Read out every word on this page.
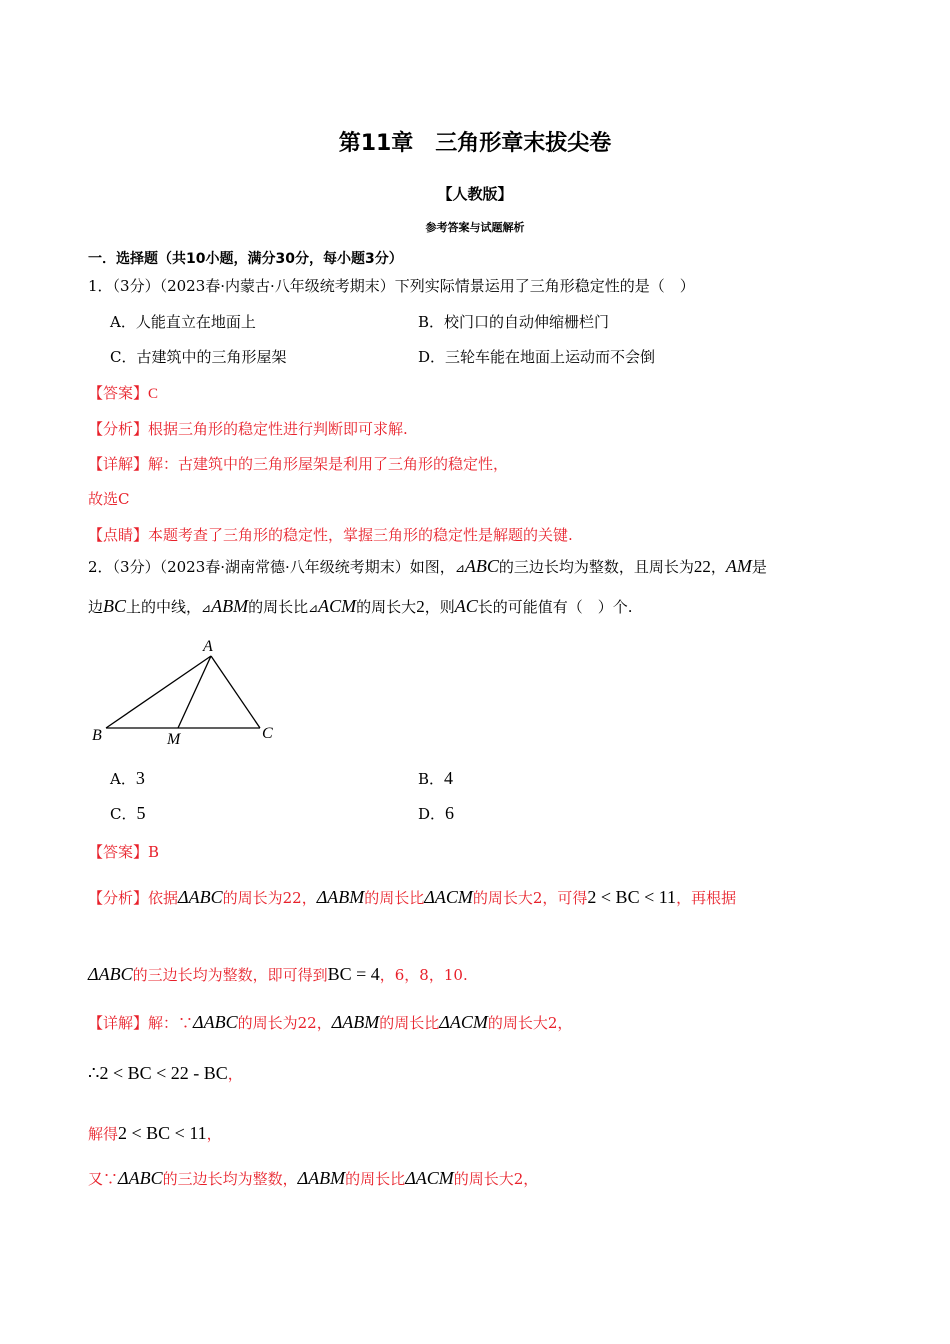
第11章　三角形章末拔尖卷
【人教版】
参考答案与试题解析
一．选择题（共10小题，满分30分，每小题3分）
1．（3分）（2023春·内蒙古·八年级统考期末）下列实际情景运用了三角形稳定性的是（　）
A．人能直立在地面上	B．校门口的自动伸缩栅栏门
C．古建筑中的三角形屋架	D．三轮车能在地面上运动而不会倒
【答案】C
【分析】根据三角形的稳定性进行判断即可求解.
【详解】解：古建筑中的三角形屋架是利用了三角形的稳定性，
故选C
【点睛】本题考查了三角形的稳定性，掌握三角形的稳定性是解题的关键.
2．（3分）（2023春·湖南常德·八年级统考期末）如图，⊿ABC的三边长均为整数，且周长为22，AM是
边BC上的中线，⊿ABM的周长比⊿ACM的周长大2，则AC长的可能值有（　）个.
A
B	C
M
A．3	B．4
C．5	D．6
【答案】B
【分析】依据ΔABC的周长为22，ΔABM的周长比ΔACM的周长大2，可得2 < BC < 11，再根据
ΔABC的三边长均为整数，即可得到BC = 4，6，8，10.
【详解】解：∵ΔABC的周长为22，ΔABM的周长比ΔACM的周长大2，
∴2 < BC < 22 - BC，
解得2 < BC < 11，
又∵ΔABC的三边长均为整数，ΔABM的周长比ΔACM的周长大2，
